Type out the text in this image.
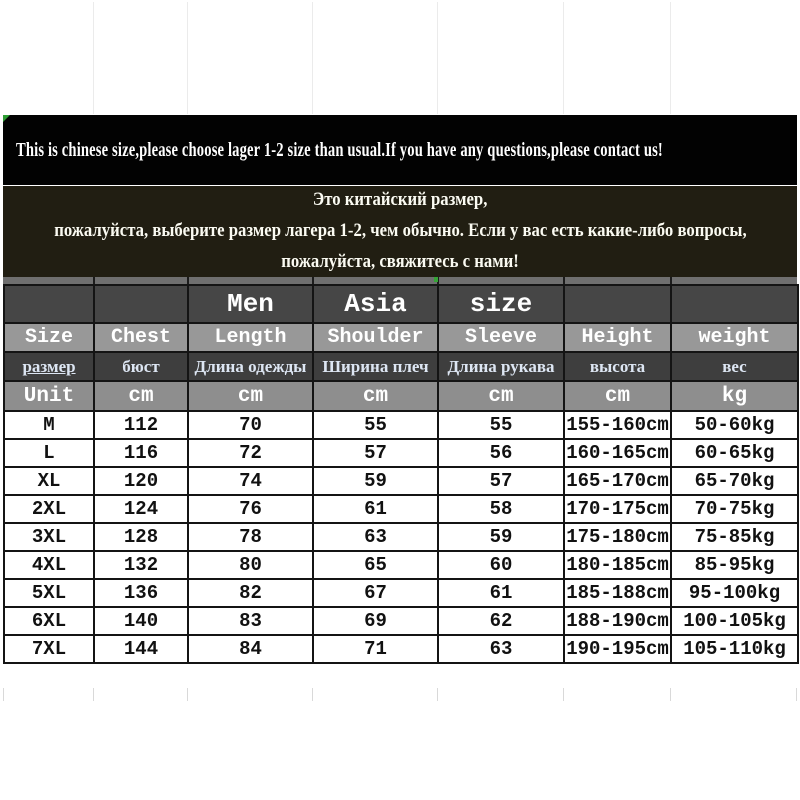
This is chinese size,please choose lager 1-2 size than usual.If you have any questions,please contact us!
Это китайский размер,
пожалуйста, выберите размер лагера 1-2, чем обычно. Если у вас есть какие-либо вопросы,
пожалуйста, свяжитесь с нами!
		Men	Asia	size		
Size	Chest	Length	Shoulder	Sleeve	Height	weight
размер	бюст	Длина одежды	Ширина плеч	Длина рукава	высота	вес
Unit	cm	cm	cm	cm	cm	kg
M	112	70	55	55	155-160cm	50-60kg
L	116	72	57	56	160-165cm	60-65kg
XL	120	74	59	57	165-170cm	65-70kg
2XL	124	76	61	58	170-175cm	70-75kg
3XL	128	78	63	59	175-180cm	75-85kg
4XL	132	80	65	60	180-185cm	85-95kg
5XL	136	82	67	61	185-188cm	95-100kg
6XL	140	83	69	62	188-190cm	100-105kg
7XL	144	84	71	63	190-195cm	105-110kg
